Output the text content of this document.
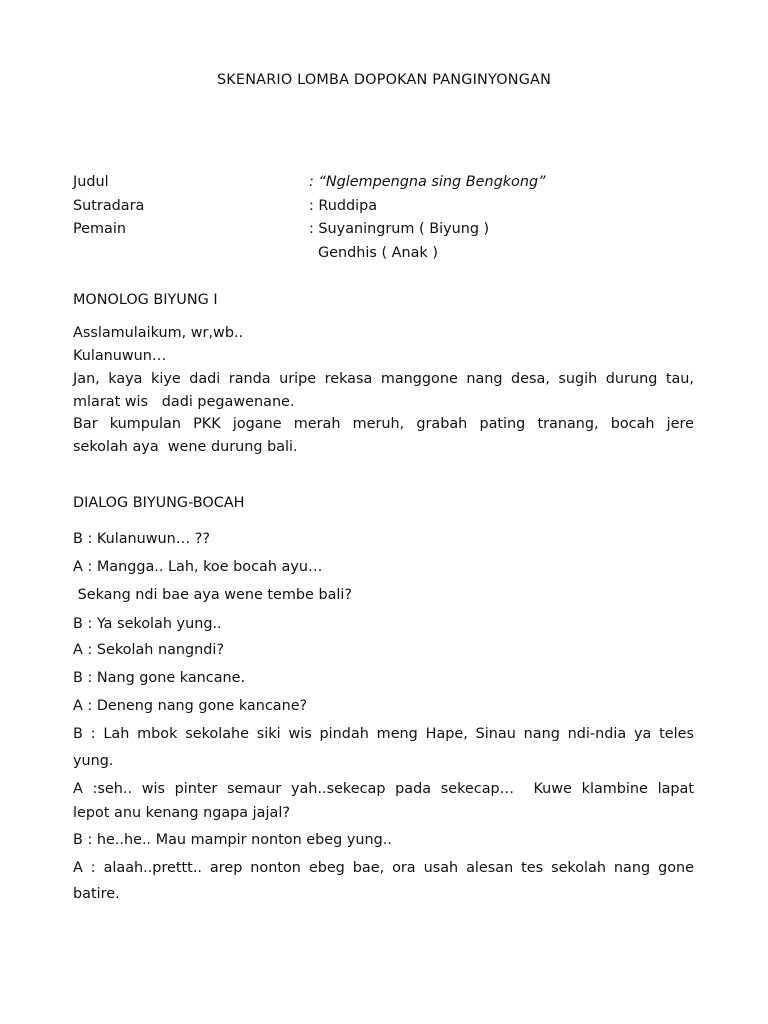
SKENARIO LOMBA DOPOKAN PANGINYONGAN
Judul	: “Nglempengna sing Bengkong”
Sutradara	: Ruddipa
Pemain	: Suyaningrum ( Biyung )
Gendhis ( Anak )
MONOLOG BIYUNG I
Asslamulaikum, wr,wb..
Kulanuwun…
Jan, kaya kiye dadi randa uripe rekasa manggone nang desa, sugih durung tau,
mlarat wis   dadi pegawenane.
Bar kumpulan PKK jogane merah meruh, grabah pating tranang, bocah jere
sekolah aya  wene durung bali.
DIALOG BIYUNG-BOCAH
B : Kulanuwun… ??
A : Mangga.. Lah, koe bocah ayu…
Sekang ndi bae aya wene tembe bali?
B : Ya sekolah yung..
A : Sekolah nangndi?
B : Nang gone kancane.
A : Deneng nang gone kancane?
B : Lah mbok sekolahe siki wis pindah meng Hape, Sinau nang ndi-ndia ya teles
yung.
A :seh.. wis pinter semaur yah..sekecap pada sekecap…  Kuwe klambine lapat
lepot anu kenang ngapa jajal?
B : he..he.. Mau mampir nonton ebeg yung..
A : alaah..prettt.. arep nonton ebeg bae, ora usah alesan tes sekolah nang gone
batire.
